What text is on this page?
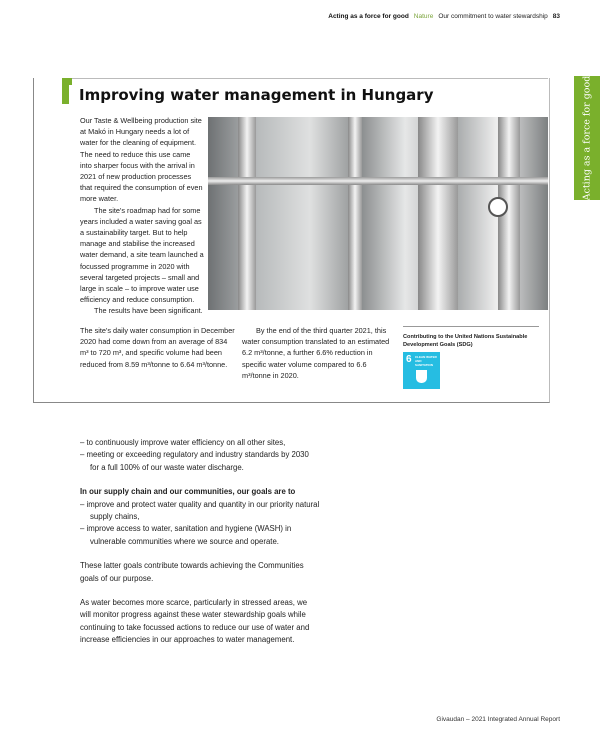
Acting as a force for good Nature Our commitment to water stewardship 83
Acting as a force for good
Improving water management in Hungary
Our Taste & Wellbeing production site at Makó in Hungary needs a lot of water for the cleaning of equipment. The need to reduce this use came into sharper focus with the arrival in 2021 of new production processes that required the consumption of even more water.
The site's roadmap had for some years included a water saving goal as a sustainability target. But to help manage and stabilise the increased water demand, a site team launched a focussed programme in 2020 with several targeted projects – small and large in scale – to improve water use efficiency and reduce consumption.
The results have been significant.
The site's daily water consumption in December 2020 had come down from an average of 834 m³ to 720 m³, and specific volume had been reduced from 8.59 m³/tonne to 6.64 m³/tonne.
By the end of the third quarter 2021, this water consumption translated to an estimated 6.2 m³/tonne, a further 6.6% reduction in specific water volume compared to 6.6 m³/tonne in 2020.
Contributing to the United Nations Sustainable Development Goals (SDG)
6 CLEAN WATER AND SANITATION

– to continuously improve water efficiency on all other sites,
– meeting or exceeding regulatory and industry standards by 2030 for a full 100% of our waste water discharge.

In our supply chain and our communities, our goals are to
– improve and protect water quality and quantity in our priority natural supply chains,
– improve access to water, sanitation and hygiene (WASH) in vulnerable communities where we source and operate.

These latter goals contribute towards achieving the Communities goals of our purpose.

As water becomes more scarce, particularly in stressed areas, we will monitor progress against these water stewardship goals while continuing to take focussed actions to reduce our use of water and increase efficiencies in our approaches to water management.

Givaudan – 2021 Integrated Annual Report
